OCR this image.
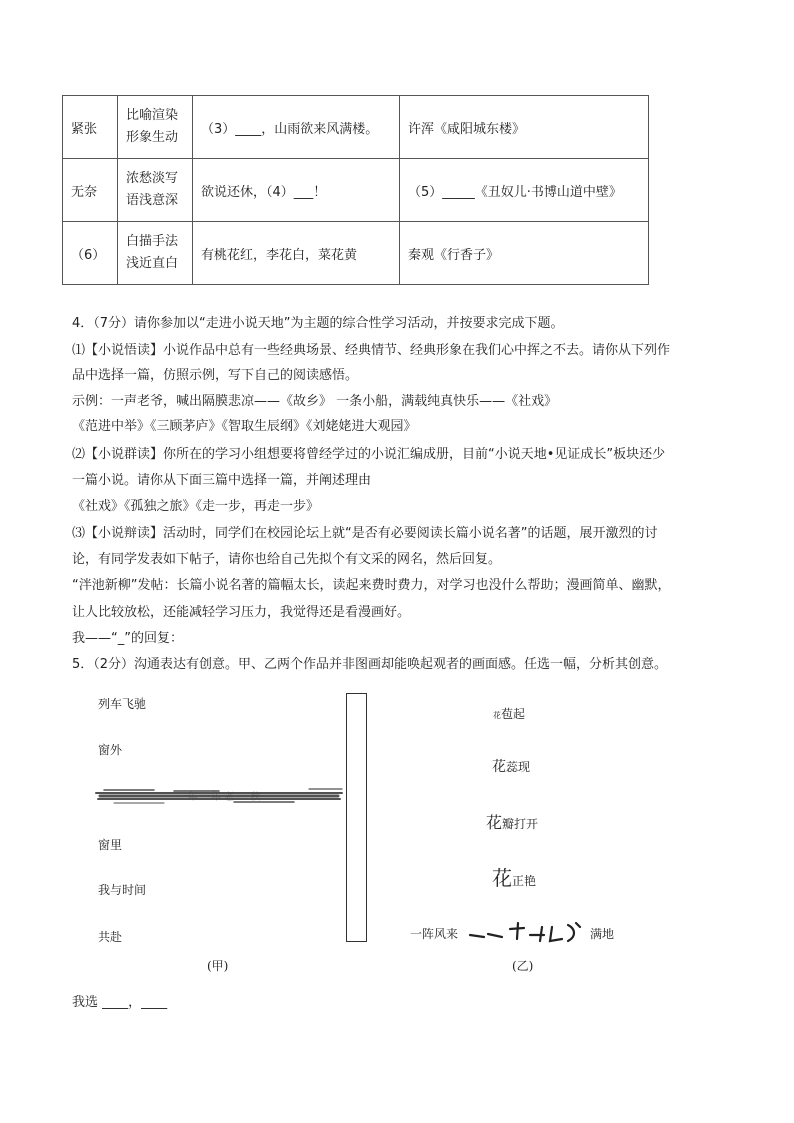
紧张	比喻渲染形象生动	（3）____，山雨欲来风满楼。	许浑《咸阳城东楼》
无奈	浓愁淡写语浅意深	欲说还休，（4）___！	（5）_____《丑奴儿·书博山道中壁》
（6）	白描手法浅近直白	有桃花红，李花白，菜花黄	秦观《行香子》
4．（7分）请你参加以“走进小说天地”为主题的综合性学习活动，并按要求完成下题。
⑴【小说悟读】小说作品中总有一些经典场景、经典情节、经典形象在我们心中挥之不去。请你从下列作
品中选择一篇，仿照示例，写下自己的阅读感悟。
示例：一声老爷，喊出隔膜悲凉——《故乡》 一条小船，满载纯真快乐——《社戏》
《范进中举》《三顾茅庐》《智取生辰纲》《刘姥姥进大观园》
⑵【小说群读】你所在的学习小组想要将曾经学过的小说汇编成册，目前“小说天地•见证成长”板块还少
一篇小说。请你从下面三篇中选择一篇，并阐述理由
《社戏》《孤独之旅》《走一步，再走一步》
⑶【小说辩读】活动时，同学们在校园论坛上就“是否有必要阅读长篇小说名著”的话题，展开激烈的讨
论，有同学发表如下帖子，请你也给自己先拟个有文采的网名，然后回复。
“泮池新柳”发帖：长篇小说名著的篇幅太长，读起来费时费力，对学习也没什么帮助；漫画简单、幽默，
让人比较放松，还能减轻学习压力，我觉得还是看漫画好。
我——“_”的回复：
5．（2分）沟通表达有创意。甲、乙两个作品并非图画却能唤起观者的画面感。任选一幅，分析其创意。
列车飞驰
窗外
一年 一年 老 一 秋
窗里
我与时间
共赴
(甲)
花苞起
花蕊现
花瓣打开
花正艳
一阵风来	满地
(乙)
我选 ____，____
